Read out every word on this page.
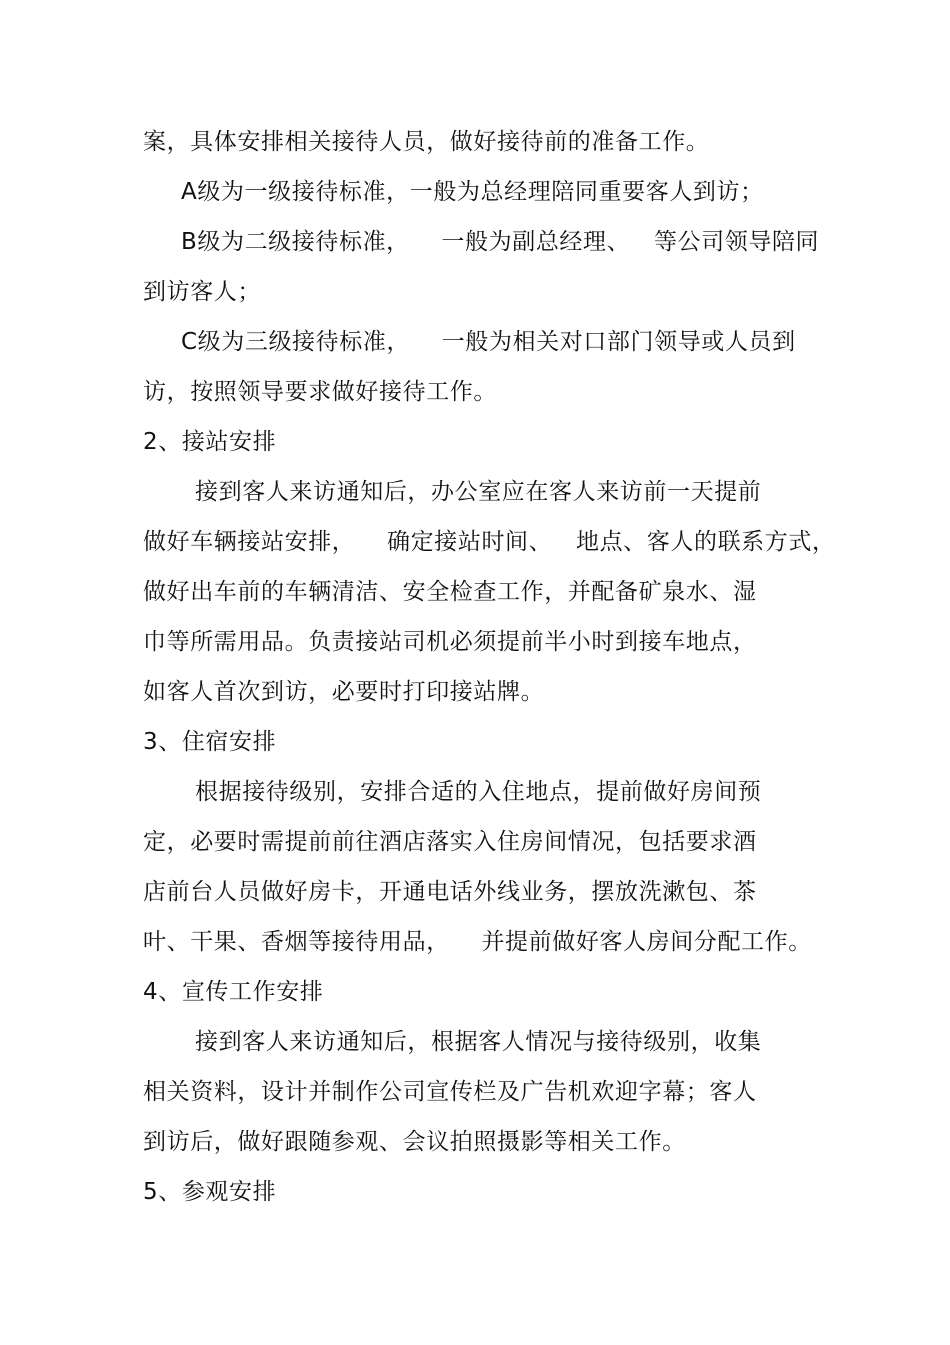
案，具体安排相关接待人员，做好接待前的准备工作。
A级为一级接待标准，一般为总经理陪同重要客人到访；
B级为二级接待标准，    一般为副总经理、   等公司领导陪同
到访客人；
C级为三级接待标准，    一般为相关对口部门领导或人员到
访，按照领导要求做好接待工作。
2、接站安排
接到客人来访通知后，办公室应在客人来访前一天提前
做好车辆接站安排，    确定接站时间、   地点、客人的联系方式，
做好出车前的车辆清洁、安全检查工作，并配备矿泉水、湿
巾等所需用品。负责接站司机必须提前半小时到接车地点，
如客人首次到访，必要时打印接站牌。
3、住宿安排
根据接待级别，安排合适的入住地点，提前做好房间预
定，必要时需提前前往酒店落实入住房间情况，包括要求酒
店前台人员做好房卡，开通电话外线业务，摆放洗漱包、茶
叶、干果、香烟等接待用品，    并提前做好客人房间分配工作。
4、宣传工作安排
接到客人来访通知后，根据客人情况与接待级别，收集
相关资料，设计并制作公司宣传栏及广告机欢迎字幕；客人
到访后，做好跟随参观、会议拍照摄影等相关工作。
5、参观安排
